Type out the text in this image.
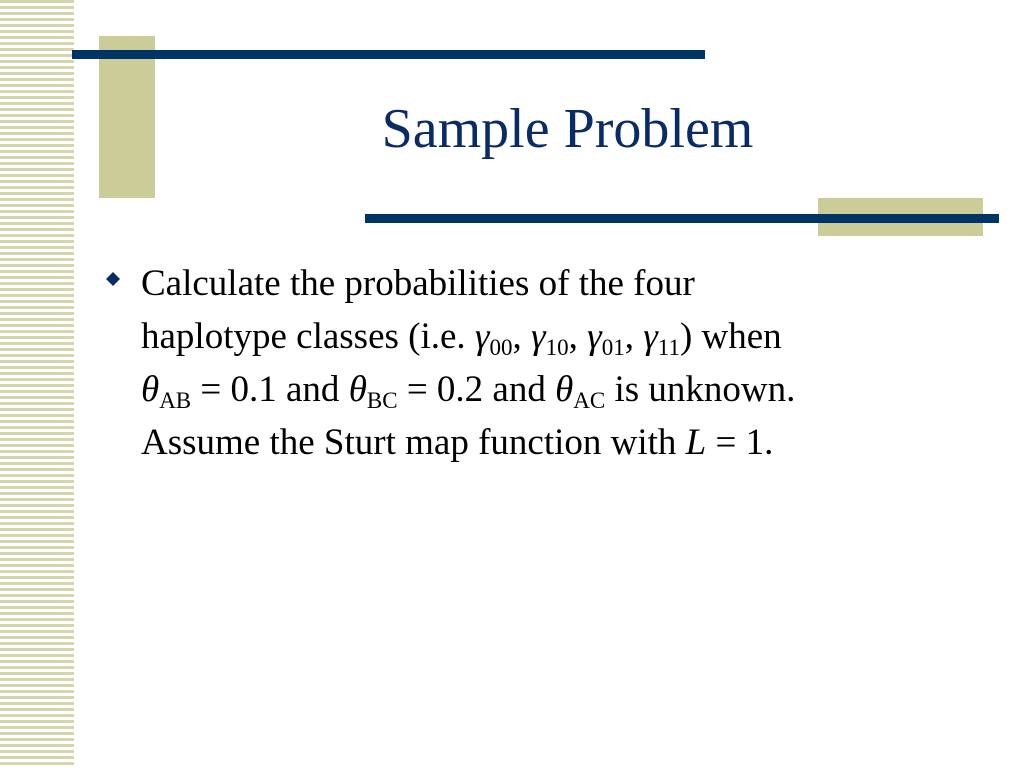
Sample Problem
Calculate the probabilities of the four
haplotype classes (i.e. $\gamma_{00}$, $\gamma_{10}$, $\gamma_{01}$, $\gamma_{11}$) when
$\theta_{AB} = 0.1$ and $\theta_{BC} = 0.2$ and $\theta_{AC}$ is unknown.
Assume the Sturt map function with L = 1.
